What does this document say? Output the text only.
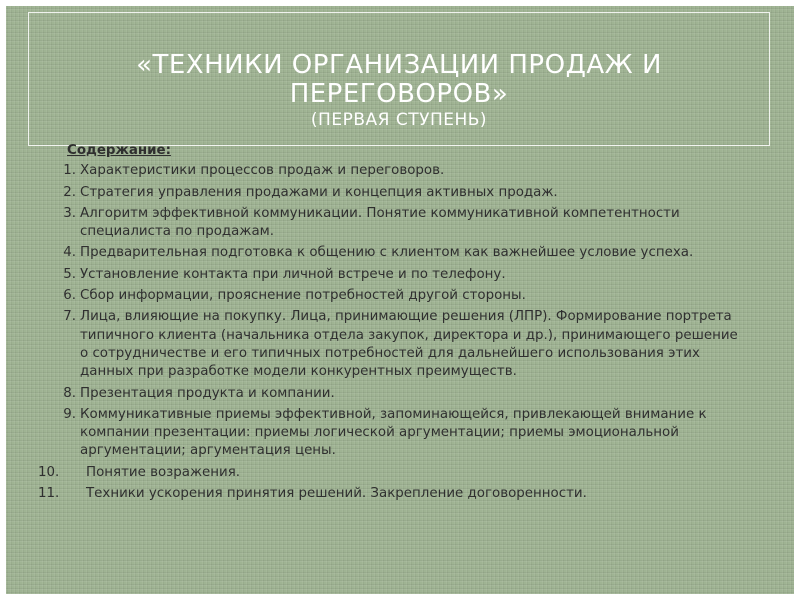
«ТЕХНИКИ ОРГАНИЗАЦИИ ПРОДАЖ И
ПЕРЕГОВОРОВ»
(ПЕРВАЯ СТУПЕНЬ)
Содержание:
1. Характеристики процессов продаж и переговоров.
2. Стратегия управления продажами и концепция активных продаж.
3. Алгоритм эффективной коммуникации. Понятие коммуникативной компетентности специалиста по продажам.
4. Предварительная подготовка к общению с клиентом как важнейшее условие успеха.
5. Установление контакта при личной встрече и по телефону.
6. Сбор информации, прояснение потребностей другой стороны.
7. Лица, влияющие на покупку. Лица, принимающие решения (ЛПР). Формирование портрета типичного клиента (начальника отдела закупок, директора и др.), принимающего решение о сотрудничестве и его типичных потребностей для дальнейшего использования этих данных при разработке модели конкурентных преимуществ.
8. Презентация продукта и компании.
9. Коммуникативные приемы эффективной, запоминающейся, привлекающей внимание к компании презентации: приемы логической аргументации; приемы эмоциональной аргументации; аргументация цены.
10.	Понятие возражения.
11.	Техники ускорения принятия решений. Закрепление договоренности.
